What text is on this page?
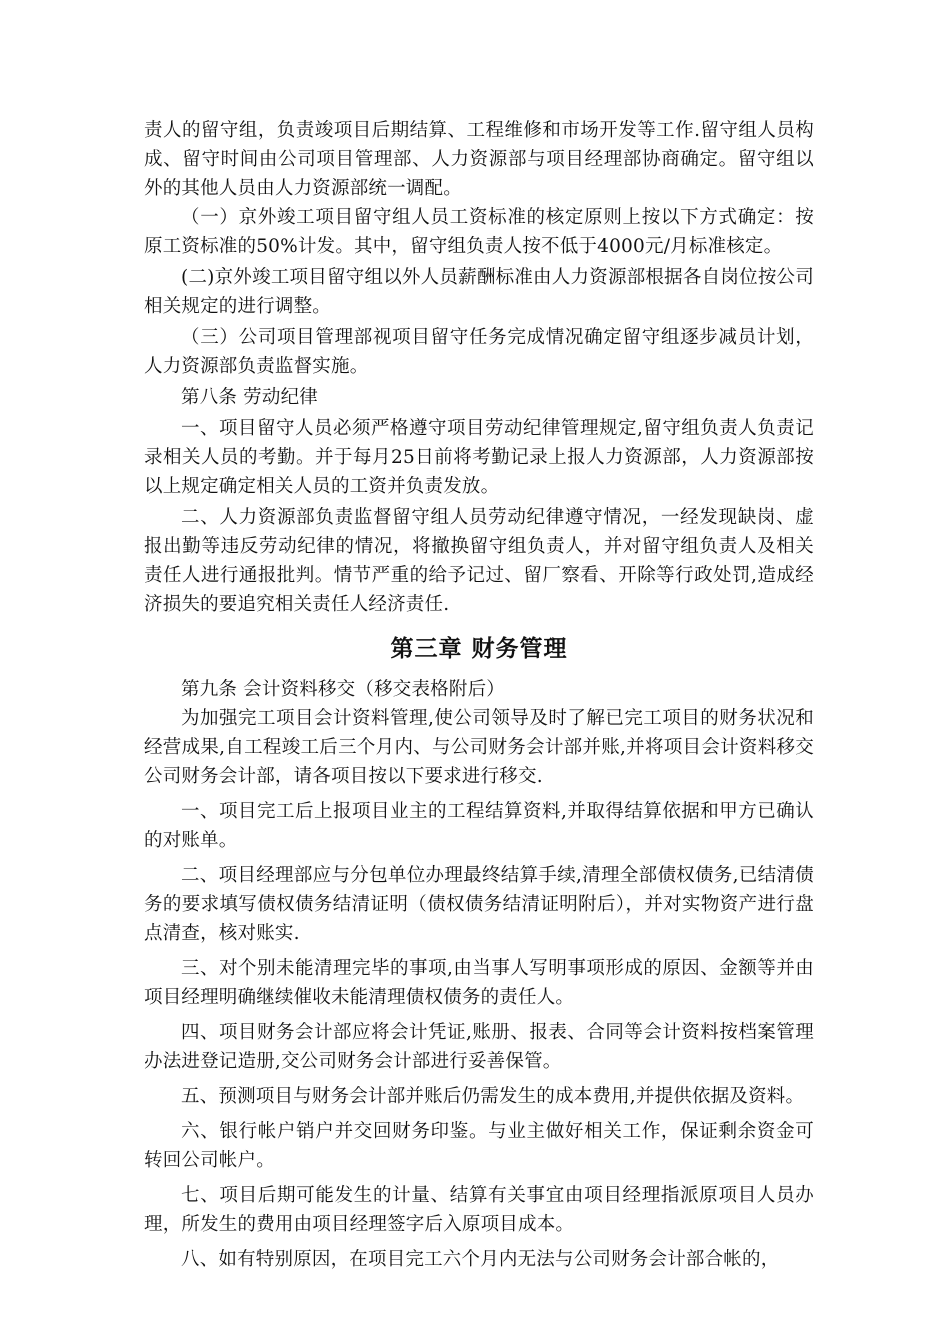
责人的留守组，负责竣项目后期结算、工程维修和市场开发等工作.留守组人员构成、留守时间由公司项目管理部、人力资源部与项目经理部协商确定。留守组以外的其他人员由人力资源部统一调配。

（一）京外竣工项目留守组人员工资标准的核定原则上按以下方式确定：按原工资标准的50%计发。其中，留守组负责人按不低于4000元/月标准核定。

(二)京外竣工项目留守组以外人员薪酬标准由人力资源部根据各自岗位按公司相关规定的进行调整。

（三）公司项目管理部视项目留守任务完成情况确定留守组逐步减员计划，人力资源部负责监督实施。

第八条 劳动纪律

一、项目留守人员必须严格遵守项目劳动纪律管理规定,留守组负责人负责记录相关人员的考勤。并于每月25日前将考勤记录上报人力资源部，人力资源部按以上规定确定相关人员的工资并负责发放。

二、人力资源部负责监督留守组人员劳动纪律遵守情况，一经发现缺岗、虚报出勤等违反劳动纪律的情况，将撤换留守组负责人，并对留守组负责人及相关责任人进行通报批判。情节严重的给予记过、留厂察看、开除等行政处罚,造成经济损失的要追究相关责任人经济责任.

第三章 财务管理

第九条 会计资料移交（移交表格附后）

为加强完工项目会计资料管理,使公司领导及时了解已完工项目的财务状况和经营成果,自工程竣工后三个月内、与公司财务会计部并账,并将项目会计资料移交公司财务会计部，请各项目按以下要求进行移交.

一、项目完工后上报项目业主的工程结算资料,并取得结算依据和甲方已确认的对账单。

二、项目经理部应与分包单位办理最终结算手续,清理全部债权债务,已结清债务的要求填写债权债务结清证明（债权债务结清证明附后），并对实物资产进行盘点清查，核对账实.

三、对个别未能清理完毕的事项,由当事人写明事项形成的原因、金额等并由项目经理明确继续催收未能清理债权债务的责任人。

四、项目财务会计部应将会计凭证,账册、报表、合同等会计资料按档案管理办法进登记造册,交公司财务会计部进行妥善保管。

五、预测项目与财务会计部并账后仍需发生的成本费用,并提供依据及资料。

六、银行帐户销户并交回财务印鉴。与业主做好相关工作，保证剩余资金可转回公司帐户。

七、项目后期可能发生的计量、结算有关事宜由项目经理指派原项目人员办理，所发生的费用由项目经理签字后入原项目成本。

八、如有特别原因，在项目完工六个月内无法与公司财务会计部合帐的，
